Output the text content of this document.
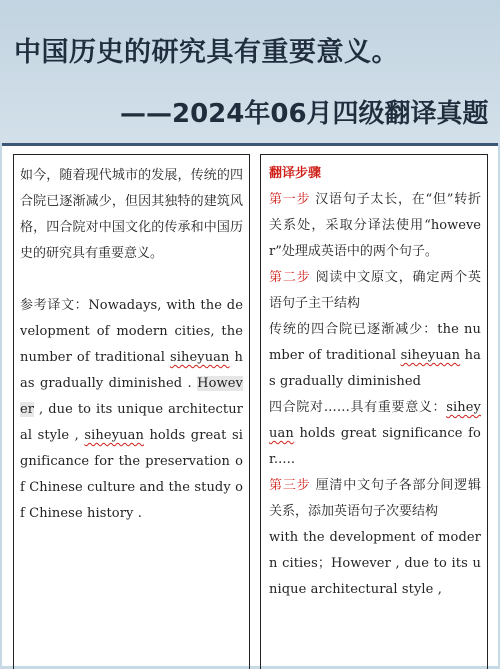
中国历史的研究具有重要意义。
——2024年06月四级翻译真题

如今，随着现代城市的发展，传统的四合院已逐渐减少，但因其独特的建筑风格，四合院对中国文化的传承和中国历史的研究具有重要意义。

参考译文：Nowadays, with the development of modern cities, the number of traditional siheyuan has gradually diminished . However , due to its unique architectural style , siheyuan holds great significance for the preservation of Chinese culture and the study of Chinese history .

翻译步骤

第一步 汉语句子太长，在“但”转折关系处，采取分译法使用“however”处理成英语中的两个句子。

第二步 阅读中文原文，确定两个英语句子主干结构

传统的四合院已逐渐减少：the number of traditional siheyuan has gradually diminished

四合院对……具有重要意义：siheyuan holds great significance for.....

第三步 厘清中文句子各部分间逻辑关系，添加英语句子次要结构

with the development of modern cities；However , due to its unique architectural style ,
